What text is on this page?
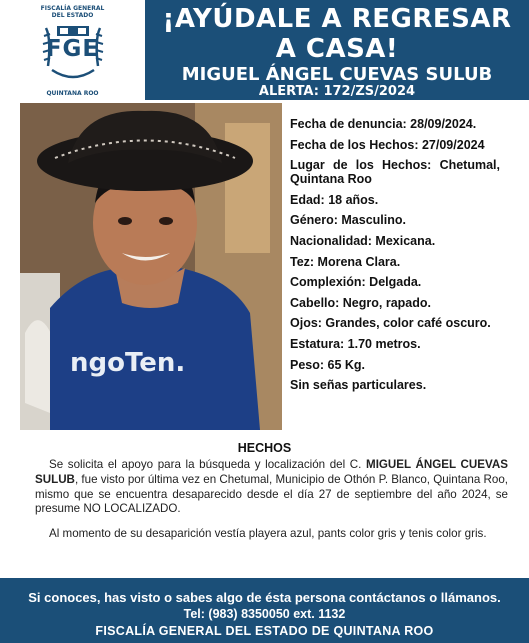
FISCALÍA GENERAL
DEL ESTADO
FGE
QUINTANA ROO
¡AYÚDALE A REGRESAR
A CASA!
MIGUEL ÁNGEL CUEVAS SULUB
ALERTA: 172/ZS/2024
ngoTen.
Fecha de denuncia: 28/09/2024.
Fecha de los Hechos: 27/09/2024
Lugar de los Hechos: Chetumal, Quintana Roo
Edad: 18 años.
Género: Masculino.
Nacionalidad: Mexicana.
Tez: Morena Clara.
Complexión: Delgada.
Cabello: Negro, rapado.
Ojos: Grandes, color café oscuro.
Estatura: 1.70 metros.
Peso: 65 Kg.
Sin señas particulares.
HECHOS
Se solicita el apoyo para la búsqueda y localización del C. MIGUEL ÁNGEL CUEVAS SULUB, fue visto por última vez en Chetumal, Municipio de Othón P. Blanco, Quintana Roo, mismo que se encuentra desaparecido desde el día 27 de septiembre del año 2024, se presume NO LOCALIZADO.
Al momento de su desaparición vestía playera azul, pants color gris y tenis color gris.
Si conoces, has visto o sabes algo de ésta persona contáctanos o llámanos.
Tel: (983) 8350050 ext. 1132
FISCALÍA GENERAL DEL ESTADO DE QUINTANA ROO
